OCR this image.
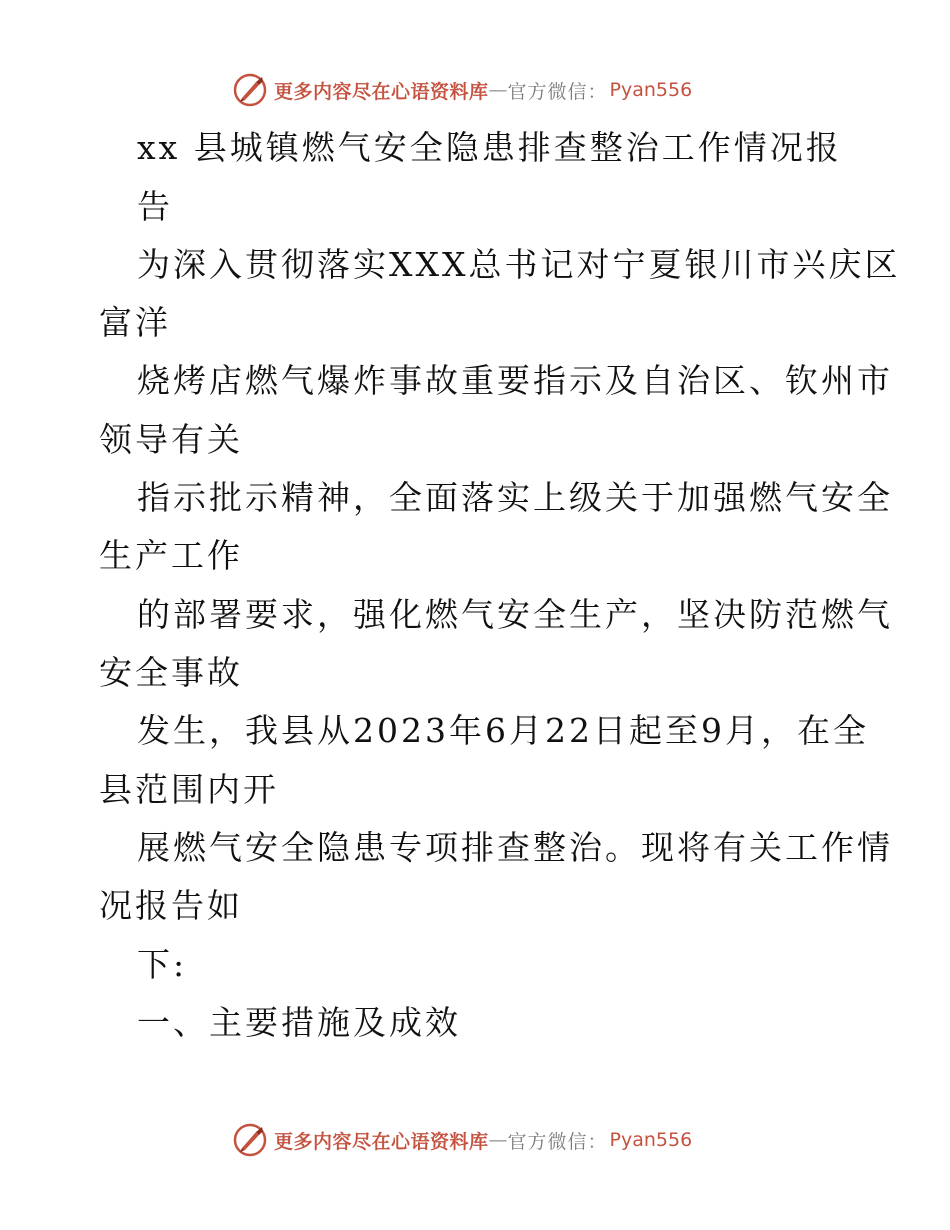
更多内容尽在心语资料库 — 官方微信： Pyan556
xx 县城镇燃气安全隐患排查整治工作情况报
告
为深入贯彻落实XXX总书记对宁夏银川市兴庆区
富洋
烧烤店燃气爆炸事故重要指示及自治区、钦州市
领导有关
指示批示精神，全面落实上级关于加强燃气安全
生产工作
的部署要求，强化燃气安全生产，坚决防范燃气
安全事故
发生，我县从2023年6月22日起至9月，在全
县范围内开
展燃气安全隐患专项排查整治。现将有关工作情
况报告如
下:
一、主要措施及成效
更多内容尽在心语资料库 — 官方微信： Pyan556
